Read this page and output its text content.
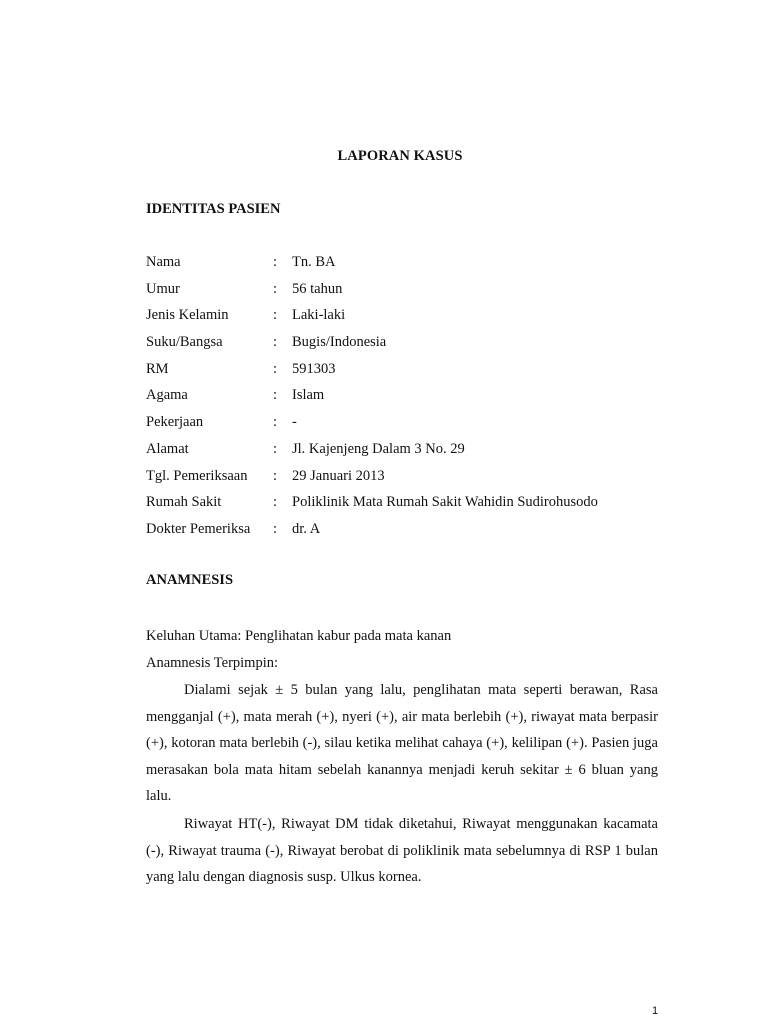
LAPORAN KASUS
IDENTITAS PASIEN
Nama	:	Tn. BA
Umur	:	56 tahun
Jenis Kelamin	:	Laki-laki
Suku/Bangsa	:	Bugis/Indonesia
RM	:	591303
Agama	:	Islam
Pekerjaan	:	-
Alamat	:	Jl. Kajenjeng Dalam 3 No. 29
Tgl. Pemeriksaan	:	29 Januari 2013
Rumah Sakit	:	Poliklinik Mata Rumah Sakit Wahidin Sudirohusodo
Dokter Pemeriksa	:	dr. A
ANAMNESIS
Keluhan Utama: Penglihatan kabur pada mata kanan
Anamnesis Terpimpin:

Dialami sejak ± 5 bulan yang lalu, penglihatan mata seperti berawan, Rasa mengganjal (+), mata merah (+), nyeri (+), air mata berlebih (+), riwayat mata berpasir (+), kotoran mata berlebih (-), silau ketika melihat cahaya (+), kelilipan (+). Pasien juga merasakan bola mata hitam sebelah kanannya menjadi keruh sekitar ± 6 bluan yang lalu.

Riwayat HT(-), Riwayat DM tidak diketahui, Riwayat menggunakan kacamata (-), Riwayat trauma (-), Riwayat berobat di poliklinik mata sebelumnya di RSP 1 bulan yang lalu dengan diagnosis susp. Ulkus kornea.

1
